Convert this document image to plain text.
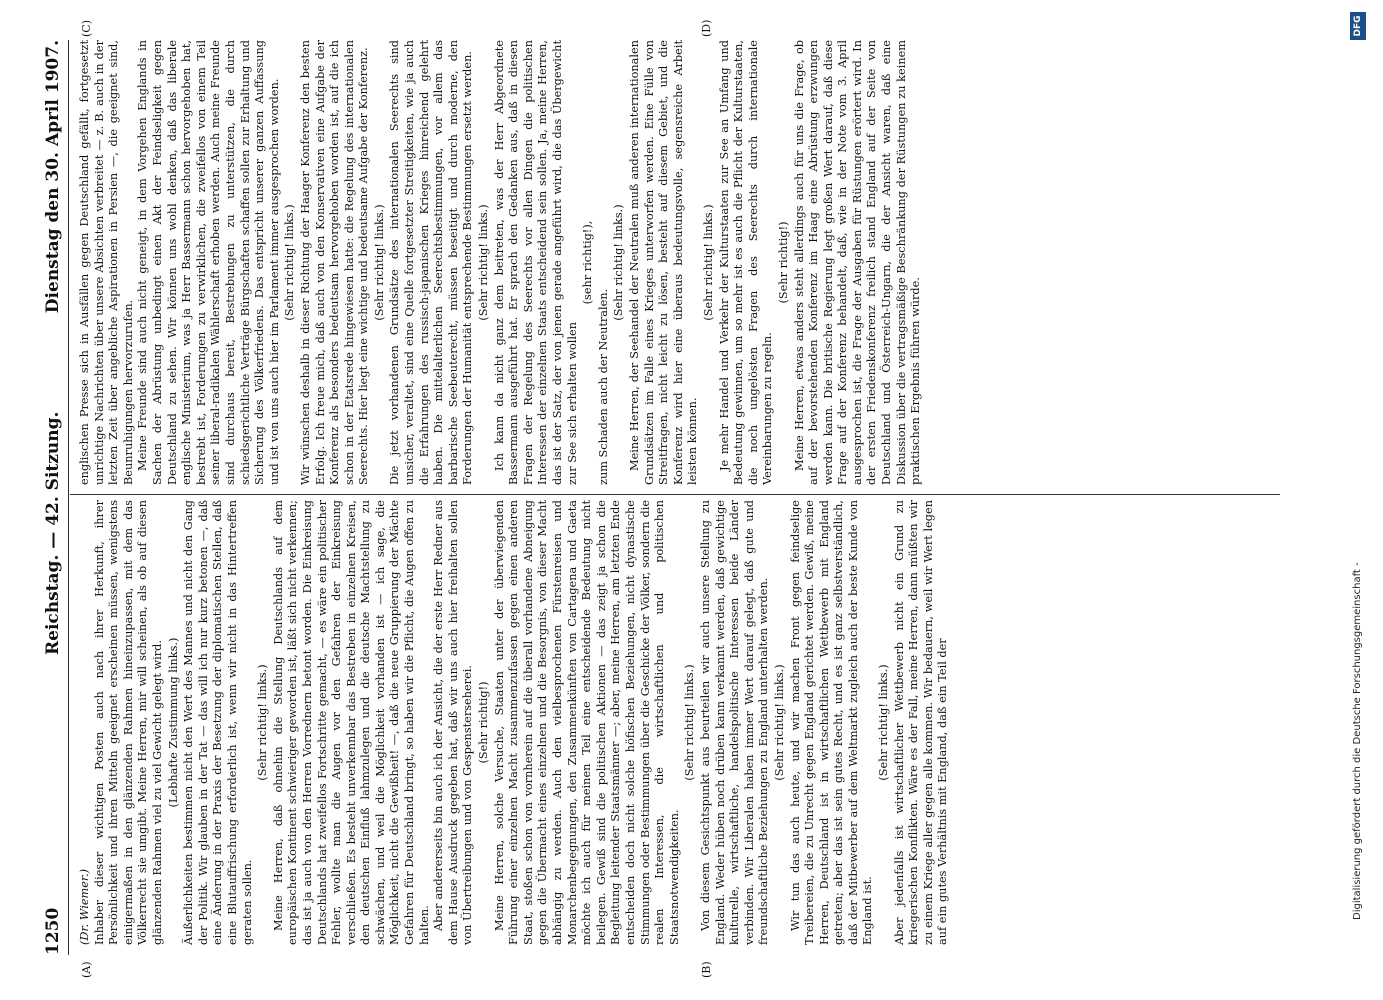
1250
Reichstag. — 42. Sitzung.
Dienstag den 30. April 1907.
(A)	(B)
(C)	(D)

(Dr. Wiemer.) Inhaber dieser wichtigen Posten auch nach ihrer Herkunft, ihrer Persönlichkeit und ihren Mitteln geeignet erscheinen müssen, wenigstens einigermaßen in den glänzenden Rahmen hineinzupassen, mit dem das Völkerrecht sie umgibt. Meine Herren, mir will scheinen, als ob auf diesen glänzenden Rahmen viel zu viel Gewicht gelegt wird. (Lebhafte Zustimmung links.) Äußerlichkeiten bestimmen nicht den Wert des Mannes und nicht den Gang der Politik. Wir glauben in der Tat — das will ich nur kurz betonen —, daß eine Änderung in der Praxis der Besetzung der diplomatischen Stellen, daß eine Blutauffrischung erforderlich ist, wenn wir nicht in das Hintertreffen geraten sollen.

(Sehr richtig! links.) Meine Herren, daß ohnehin die Stellung Deutschlands auf dem europäischen Kontinent schwieriger geworden ist, läßt sich nicht verkennen; das ist ja auch von den Herren Vorrednern betont worden. Die Einkreisung Deutschlands hat zweifellos Fortschritte gemacht, — es wäre ein politischer Fehler, wollte man die Augen vor den Gefahren der Einkreisung verschließen. Es besteht unverkennbar das Bestreben in einzelnen Kreisen, den deutschen Einfluß lahmzulegen und die deutsche Machtstellung zu schwächen, und weil die Möglichkeit vorhanden ist — ich sage, die Möglichkeit, nicht die Gewißheit! —, daß die neue Gruppierung der Mächte Gefahren für Deutschland bringt, so haben wir die Pflicht, die Augen offen zu halten. Aber andererseits bin auch ich der Ansicht, die der erste Herr Redner aus dem Hause Ausdruck gegeben hat, daß wir uns auch hier freihalten sollen von Übertreibungen und von Gespensterseherei. (Sehr richtig!) Meine Herren, solche Versuche, Staaten unter der überwiegenden Führung einer einzelnen Macht zusammenzufassen gegen einen anderen Staat, stoßen schon von vornherein auf die überall vorhandene Abneigung gegen die Übermacht eines einzelnen und die Besorgnis, von dieser Macht abhängig zu werden. Auch den vielbesprochenen Fürstenreisen und Monarchenbegegnungen, den Zusammenkünften von Cartagena und Gaeta möchte ich auch für meinen Teil eine entscheidende Bedeutung nicht beilegen. Gewiß sind die politischen Aktionen — das zeigt ja schon die Begleitung leitender Staatsmänner —; aber, meine Herren, am letzten Ende entscheiden doch nicht solche höfischen Beziehungen, nicht dynastische Stimmungen oder Bestimmungen über die Geschicke der Völker, sondern die realen Interessen, die wirtschaftlichen und politischen Staatsnotwendigkeiten.

(Sehr richtig! links.) Von diesem Gesichtspunkt aus beurteilen wir auch unsere Stellung zu England. Weder hüben noch drüben kann verkannt werden, daß gewichtige kulturelle, wirtschaftliche, handelspolitische Interessen beide Länder verbinden. Wir Liberalen haben immer Wert darauf gelegt, daß gute und freundschaftliche Beziehungen zu England unterhalten werden. (Sehr richtig! links.) Wir tun das auch heute, und wir machen Front gegen feindselige Treibereien, die zu Unrecht gegen England gerichtet werden. Gewiß, meine Herren, Deutschland ist in wirtschaftlichen Wettbewerb mit England getreten; aber das ist sein gutes Recht, und es ist ganz selbstverständlich, daß der Mitbewerber auf dem Weltmarkt zugleich auch der beste Kunde von England ist.

(Sehr richtig! links.) Aber jedenfalls ist wirtschaftlicher Wettbewerb nicht ein Grund zu kriegerischen Konflikten. Wäre es der Fall, meine Herren, dann müßten wir zu einem Kriege aller gegen alle kommen. Wir bedauern, weil wir Wert legen auf ein gutes Verhältnis mit England, daß ein Teil der

englischen Presse sich in Ausfällen gegen Deutschland gefällt, fortgesetzt unrichtige Nachrichten über unsere Absichten verbreitet — z. B. auch in der letzten Zeit über angebliche Aspirationen in Persien —, die geeignet sind, Beunruhigungen hervorzurufen. Meine Freunde sind auch nicht geneigt, in dem Vorgehen Englands in Sachen der Abrüstung unbedingt einen Akt der Feindseligkeit gegen Deutschland zu sehen. Wir können uns wohl denken, daß das liberale englische Ministerium, was ja Herr Bassermann schon hervorgehoben hat, bestrebt ist, Forderungen zu verwirklichen, die zweifellos von einem Teil seiner liberal-radikalen Wählerschaft erhoben werden. Auch meine Freunde sind durchaus bereit, Bestrebungen zu unterstützen, die durch schiedsgerichtliche Verträge Bürgschaften schaffen sollen zur Erhaltung und Sicherung des Völkerfriedens. Das entspricht unserer ganzen Auffassung und ist von uns auch hier im Parlament immer ausgesprochen worden. (Sehr richtig! links.) Wir wünschen deshalb in dieser Richtung der Haager Konferenz den besten Erfolg. Ich freue mich, daß auch von den Konservativen eine Aufgabe der Konferenz als besonders bedeutsam hervorgehoben worden ist, auf die ich schon in der Etatsrede hingewiesen hatte: die Regelung des internationalen Seerechts. Hier liegt eine wichtige und bedeutsame Aufgabe der Konferenz. (Sehr richtig! links.) Die jetzt vorhandenen Grundsätze des internationalen Seerechts sind unsicher, veraltet, sind eine Quelle fortgesetzter Streitigkeiten, wie ja auch die Erfahrungen des russisch-japanischen Krieges hinreichend gelehrt haben. Die mittelalterlichen Seerechtsbestimmungen, vor allem das barbarische Seebeuterecht, müssen beseitigt und durch moderne, den Forderungen der Humanität entsprechende Bestimmungen ersetzt werden. (Sehr richtig! links.) Ich kann da nicht ganz dem beitreten, was der Herr Abgeordnete Bassermann ausgeführt hat. Er sprach den Gedanken aus, daß in diesen Fragen der Regelung des Seerechts vor allen Dingen die politischen Interessen der einzelnen Staats entscheidend sein sollen. Ja, meine Herren, das ist der Satz, der von jenen gerade angeführt wird, die das Übergewicht zur See sich erhalten wollen

(sehr richtig!),

zum Schaden auch der Neutralen.

(Sehr richtig! links.) Meine Herren, der Seehandel der Neutralen muß anderen internationalen Grundsätzen im Falle eines Krieges unterworfen werden. Eine Fülle von Streitfragen, nicht leicht zu lösen, besteht auf diesem Gebiet, und die Konferenz wird hier eine überaus bedeutungsvolle, segensreiche Arbeit leisten können.

(Sehr richtig! links.) Je mehr Handel und Verkehr der Kulturstaaten zur See an Umfang und Bedeutung gewinnen, um so mehr ist es auch die Pflicht der Kulturstaaten, die noch ungelösten Fragen des Seerechts durch internationale Vereinbarungen zu regeln.

(Sehr richtig!) Meine Herren, etwas anders steht allerdings auch für uns die Frage, ob auf der bevorstehenden Konferenz im Haag eine Abrüstung erzwungen werden kann. Die britische Regierung legt großen Wert darauf, daß diese Frage auf der Konferenz behandelt, daß, wie in der Note vom 3. April ausgesprochen ist, die Frage der Ausgaben für Rüstungen erörtert wird. In der ersten Friedenskonferenz freilich stand England auf der Seite von Deutschland und Österreich-Ungarn, die der Ansicht waren, daß eine Diskussion über die vertragsmäßige Beschränkung der Rüstungen zu keinem praktischen Ergebnis führen würde.

Digitalisierung gefördert durch die Deutsche Forschungsgemeinschaft -
DFG
